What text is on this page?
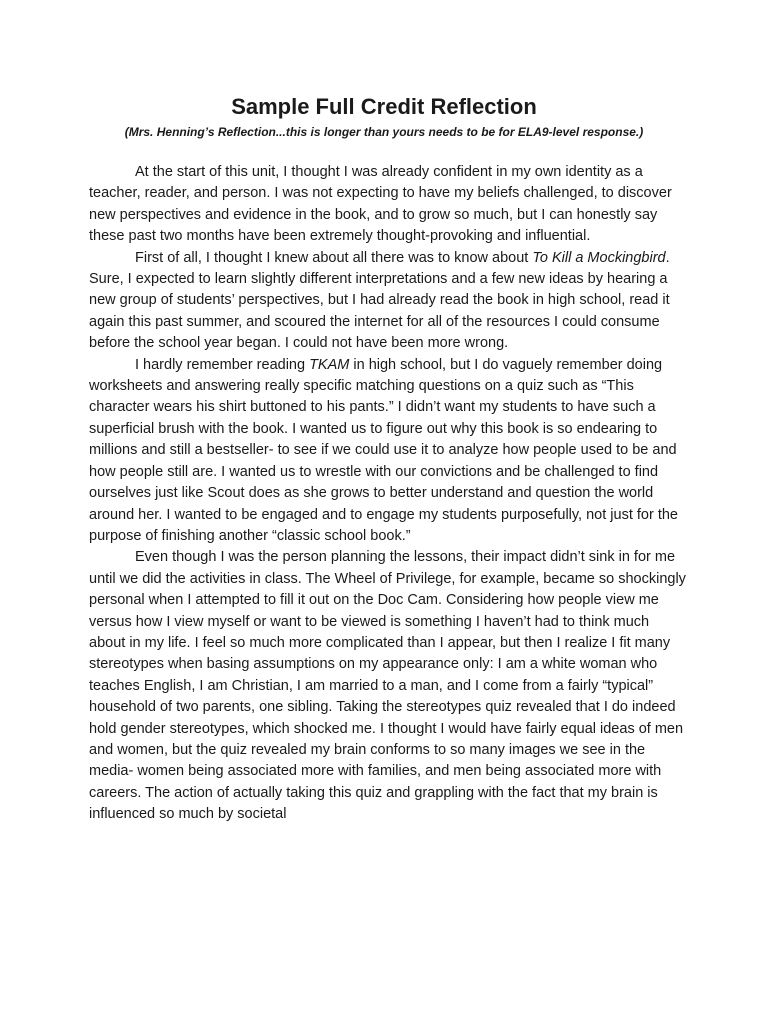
Sample Full Credit Reflection
(Mrs. Henning’s Reflection...this is longer than yours needs to be for ELA9-level response.)

At the start of this unit, I thought I was already confident in my own identity as a teacher, reader, and person. I was not expecting to have my beliefs challenged, to discover new perspectives and evidence in the book, and to grow so much, but I can honestly say these past two months have been extremely thought-provoking and influential.

First of all, I thought I knew about all there was to know about To Kill a Mockingbird. Sure, I expected to learn slightly different interpretations and a few new ideas by hearing a new group of students’ perspectives, but I had already read the book in high school, read it again this past summer, and scoured the internet for all of the resources I could consume before the school year began. I could not have been more wrong.

I hardly remember reading TKAM in high school, but I do vaguely remember doing worksheets and answering really specific matching questions on a quiz such as “This character wears his shirt buttoned to his pants.” I didn’t want my students to have such a superficial brush with the book. I wanted us to figure out why this book is so endearing to millions and still a bestseller- to see if we could use it to analyze how people used to be and how people still are. I wanted us to wrestle with our convictions and be challenged to find ourselves just like Scout does as she grows to better understand and question the world around her. I wanted to be engaged and to engage my students purposefully, not just for the purpose of finishing another “classic school book.”

Even though I was the person planning the lessons, their impact didn’t sink in for me until we did the activities in class. The Wheel of Privilege, for example, became so shockingly personal when I attempted to fill it out on the Doc Cam. Considering how people view me versus how I view myself or want to be viewed is something I haven’t had to think much about in my life. I feel so much more complicated than I appear, but then I realize I fit many stereotypes when basing assumptions on my appearance only: I am a white woman who teaches English, I am Christian, I am married to a man, and I come from a fairly “typical” household of two parents, one sibling. Taking the stereotypes quiz revealed that I do indeed hold gender stereotypes, which shocked me. I thought I would have fairly equal ideas of men and women, but the quiz revealed my brain conforms to so many images we see in the media- women being associated more with families, and men being associated more with careers. The action of actually taking this quiz and grappling with the fact that my brain is influenced so much by societal
